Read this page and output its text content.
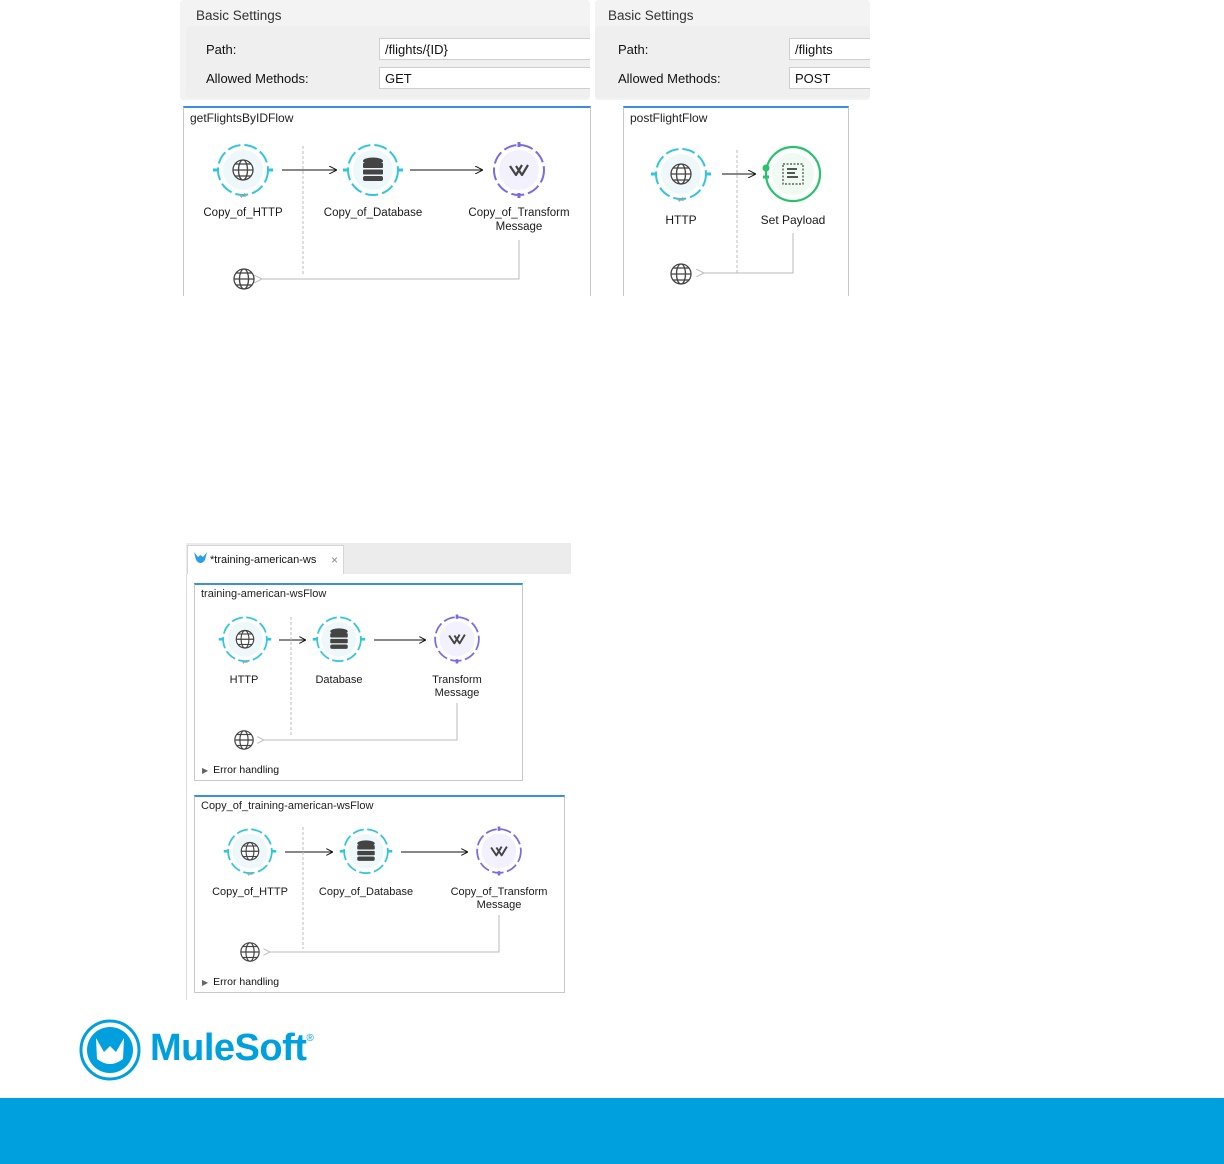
Basic Settings
Path:	/flights/{ID}
Allowed Methods:	GET
Basic Settings
Path:	/flights
Allowed Methods:	POST
getFlightsByIDFlow
⇌
Copy_of_HTTP	Copy_of_Database	Copy_of_Transform
Message
postFlightFlow
⇌
HTTP	Set Payload
*training-american-ws ×
training-american-wsFlow
⇌
HTTP	Database	Transform
Message
▶ Error handling
Copy_of_training-american-wsFlow
⇌
Copy_of_HTTP	Copy_of_Database	Copy_of_Transform
Message
▶ Error handling
MuleSoft®
